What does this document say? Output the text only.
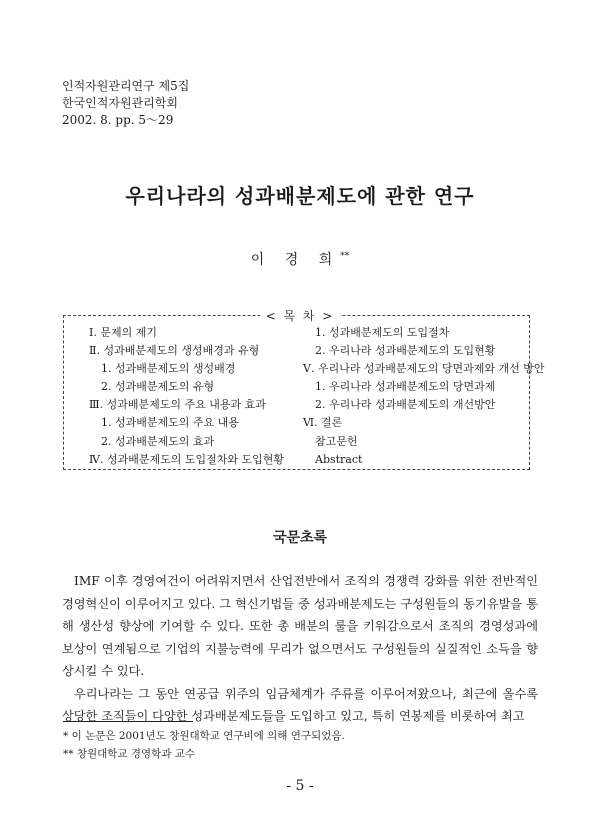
인적자원관리연구 제5집
한국인적자원관리학회
2002. 8. pp. 5～29
우리나라의 성과배분제도에 관한 연구
이 경 희**
< 목 차 >
Ⅰ. 문제의 제기
Ⅱ. 성과배분제도의 생성배경과 유형
1. 성과배분제도의 생성배경
2. 성과배분제도의 유형
Ⅲ. 성과배분제도의 주요 내용과 효과
1. 성과배분제도의 주요 내용
2. 성과배분제도의 효과
Ⅳ. 성과배분제도의 도입절차와 도입현황
1. 성과배분제도의 도입절차
2. 우리나라 성과배분제도의 도입현황
Ⅴ. 우리나라 성과배분제도의 당면과제와 개선 방안
1. 우리나라 성과배분제도의 당면과제
2. 우리나라 성과배분제도의 개선방안
Ⅵ. 결론
참고문헌
Abstract
국문초록

IMF 이후 경영여건이 어려워지면서 산업전반에서 조직의 경쟁력 강화를 위한 전반적인 경영혁신이 이루어지고 있다. 그 혁신기법들 중 성과배분제도는 구성원들의 동기유발을 통해 생산성 향상에 기여할 수 있다. 또한 총 배분의 룰을 키워감으로서 조직의 경영성과에 보상이 연계됨으로 기업의 지불능력에 무리가 없으면서도 구성원들의 실질적인 소득을 향상시킬 수 있다.

우리나라는 그 동안 연공급 위주의 임금체계가 주류를 이루어져왔으나, 최근에 올수록 상당한 조직들이 다양한 성과배분제도들을 도입하고 있고, 특히 연봉제를 비롯하여 최고

* 이 논문은 2001년도 창원대학교 연구비에 의해 연구되었음.
** 창원대학교 경영학과 교수
- 5 -
